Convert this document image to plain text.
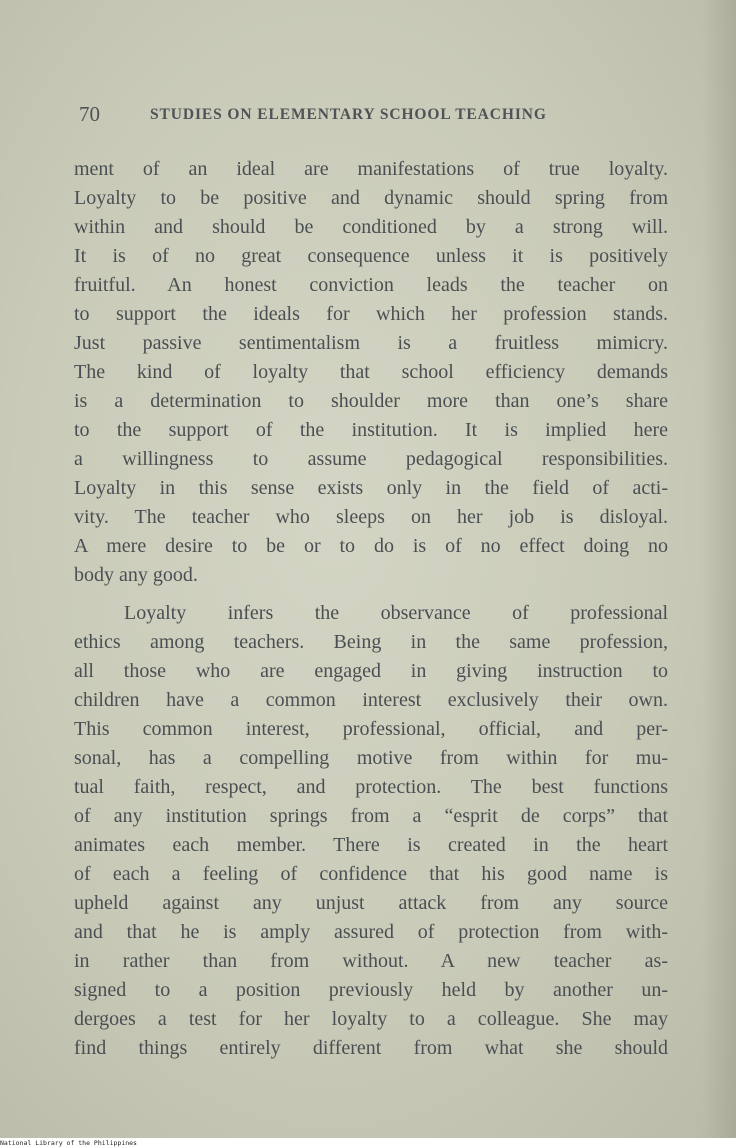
70	STUDIES ON ELEMENTARY SCHOOL TEACHING
ment of an ideal are manifestations of true loyalty.
Loyalty to be positive and dynamic should spring from
within and should be conditioned by a strong will.
It is of no great consequence unless it is positively
fruitful. An honest conviction leads the teacher on
to support the ideals for which her profession stands.
Just passive sentimentalism is a fruitless mimicry.
The kind of loyalty that school efficiency demands
is a determination to shoulder more than one’s share
to the support of the institution. It is implied here
a willingness to assume pedagogical responsibilities.
Loyalty in this sense exists only in the field of acti-
vity. The teacher who sleeps on her job is disloyal.
A mere desire to be or to do is of no effect doing no
body any good.
Loyalty infers the observance of professional
ethics among teachers. Being in the same profession,
all those who are engaged in giving instruction to
children have a common interest exclusively their own.
This common interest, professional, official, and per-
sonal, has a compelling motive from within for mu-
tual faith, respect, and protection. The best functions
of any institution springs from a “esprit de corps” that
animates each member. There is created in the heart
of each a feeling of confidence that his good name is
upheld against any unjust attack from any source
and that he is amply assured of protection from with-
in rather than from without. A new teacher as-
signed to a position previously held by another un-
dergoes a test for her loyalty to a colleague. She may
find things entirely different from what she should
National Library of the Philippines
